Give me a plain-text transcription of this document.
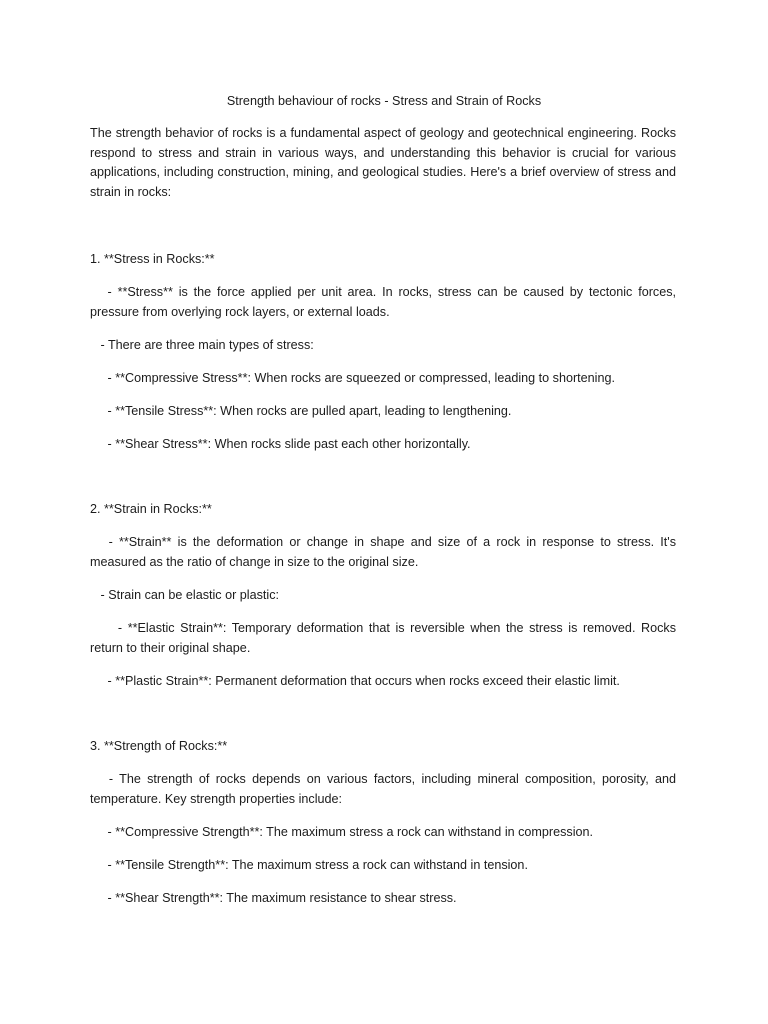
Strength behaviour of rocks - Stress and Strain of Rocks
The strength behavior of rocks is a fundamental aspect of geology and geotechnical engineering. Rocks
respond to stress and strain in various ways, and understanding this behavior is crucial for various
applications, including construction, mining, and geological studies. Here's a brief overview of stress and
strain in rocks:
1. **Stress in Rocks:**
- **Stress** is the force applied per unit area. In rocks, stress can be caused by tectonic forces,
pressure from overlying rock layers, or external loads.
- There are three main types of stress:
- **Compressive Stress**: When rocks are squeezed or compressed, leading to shortening.
- **Tensile Stress**: When rocks are pulled apart, leading to lengthening.
- **Shear Stress**: When rocks slide past each other horizontally.
2. **Strain in Rocks:**
- **Strain** is the deformation or change in shape and size of a rock in response to stress. It's
measured as the ratio of change in size to the original size.
- Strain can be elastic or plastic:
- **Elastic Strain**: Temporary deformation that is reversible when the stress is removed. Rocks
return to their original shape.
- **Plastic Strain**: Permanent deformation that occurs when rocks exceed their elastic limit.
3. **Strength of Rocks:**
- The strength of rocks depends on various factors, including mineral composition, porosity, and
temperature. Key strength properties include:
- **Compressive Strength**: The maximum stress a rock can withstand in compression.
- **Tensile Strength**: The maximum stress a rock can withstand in tension.
- **Shear Strength**: The maximum resistance to shear stress.
